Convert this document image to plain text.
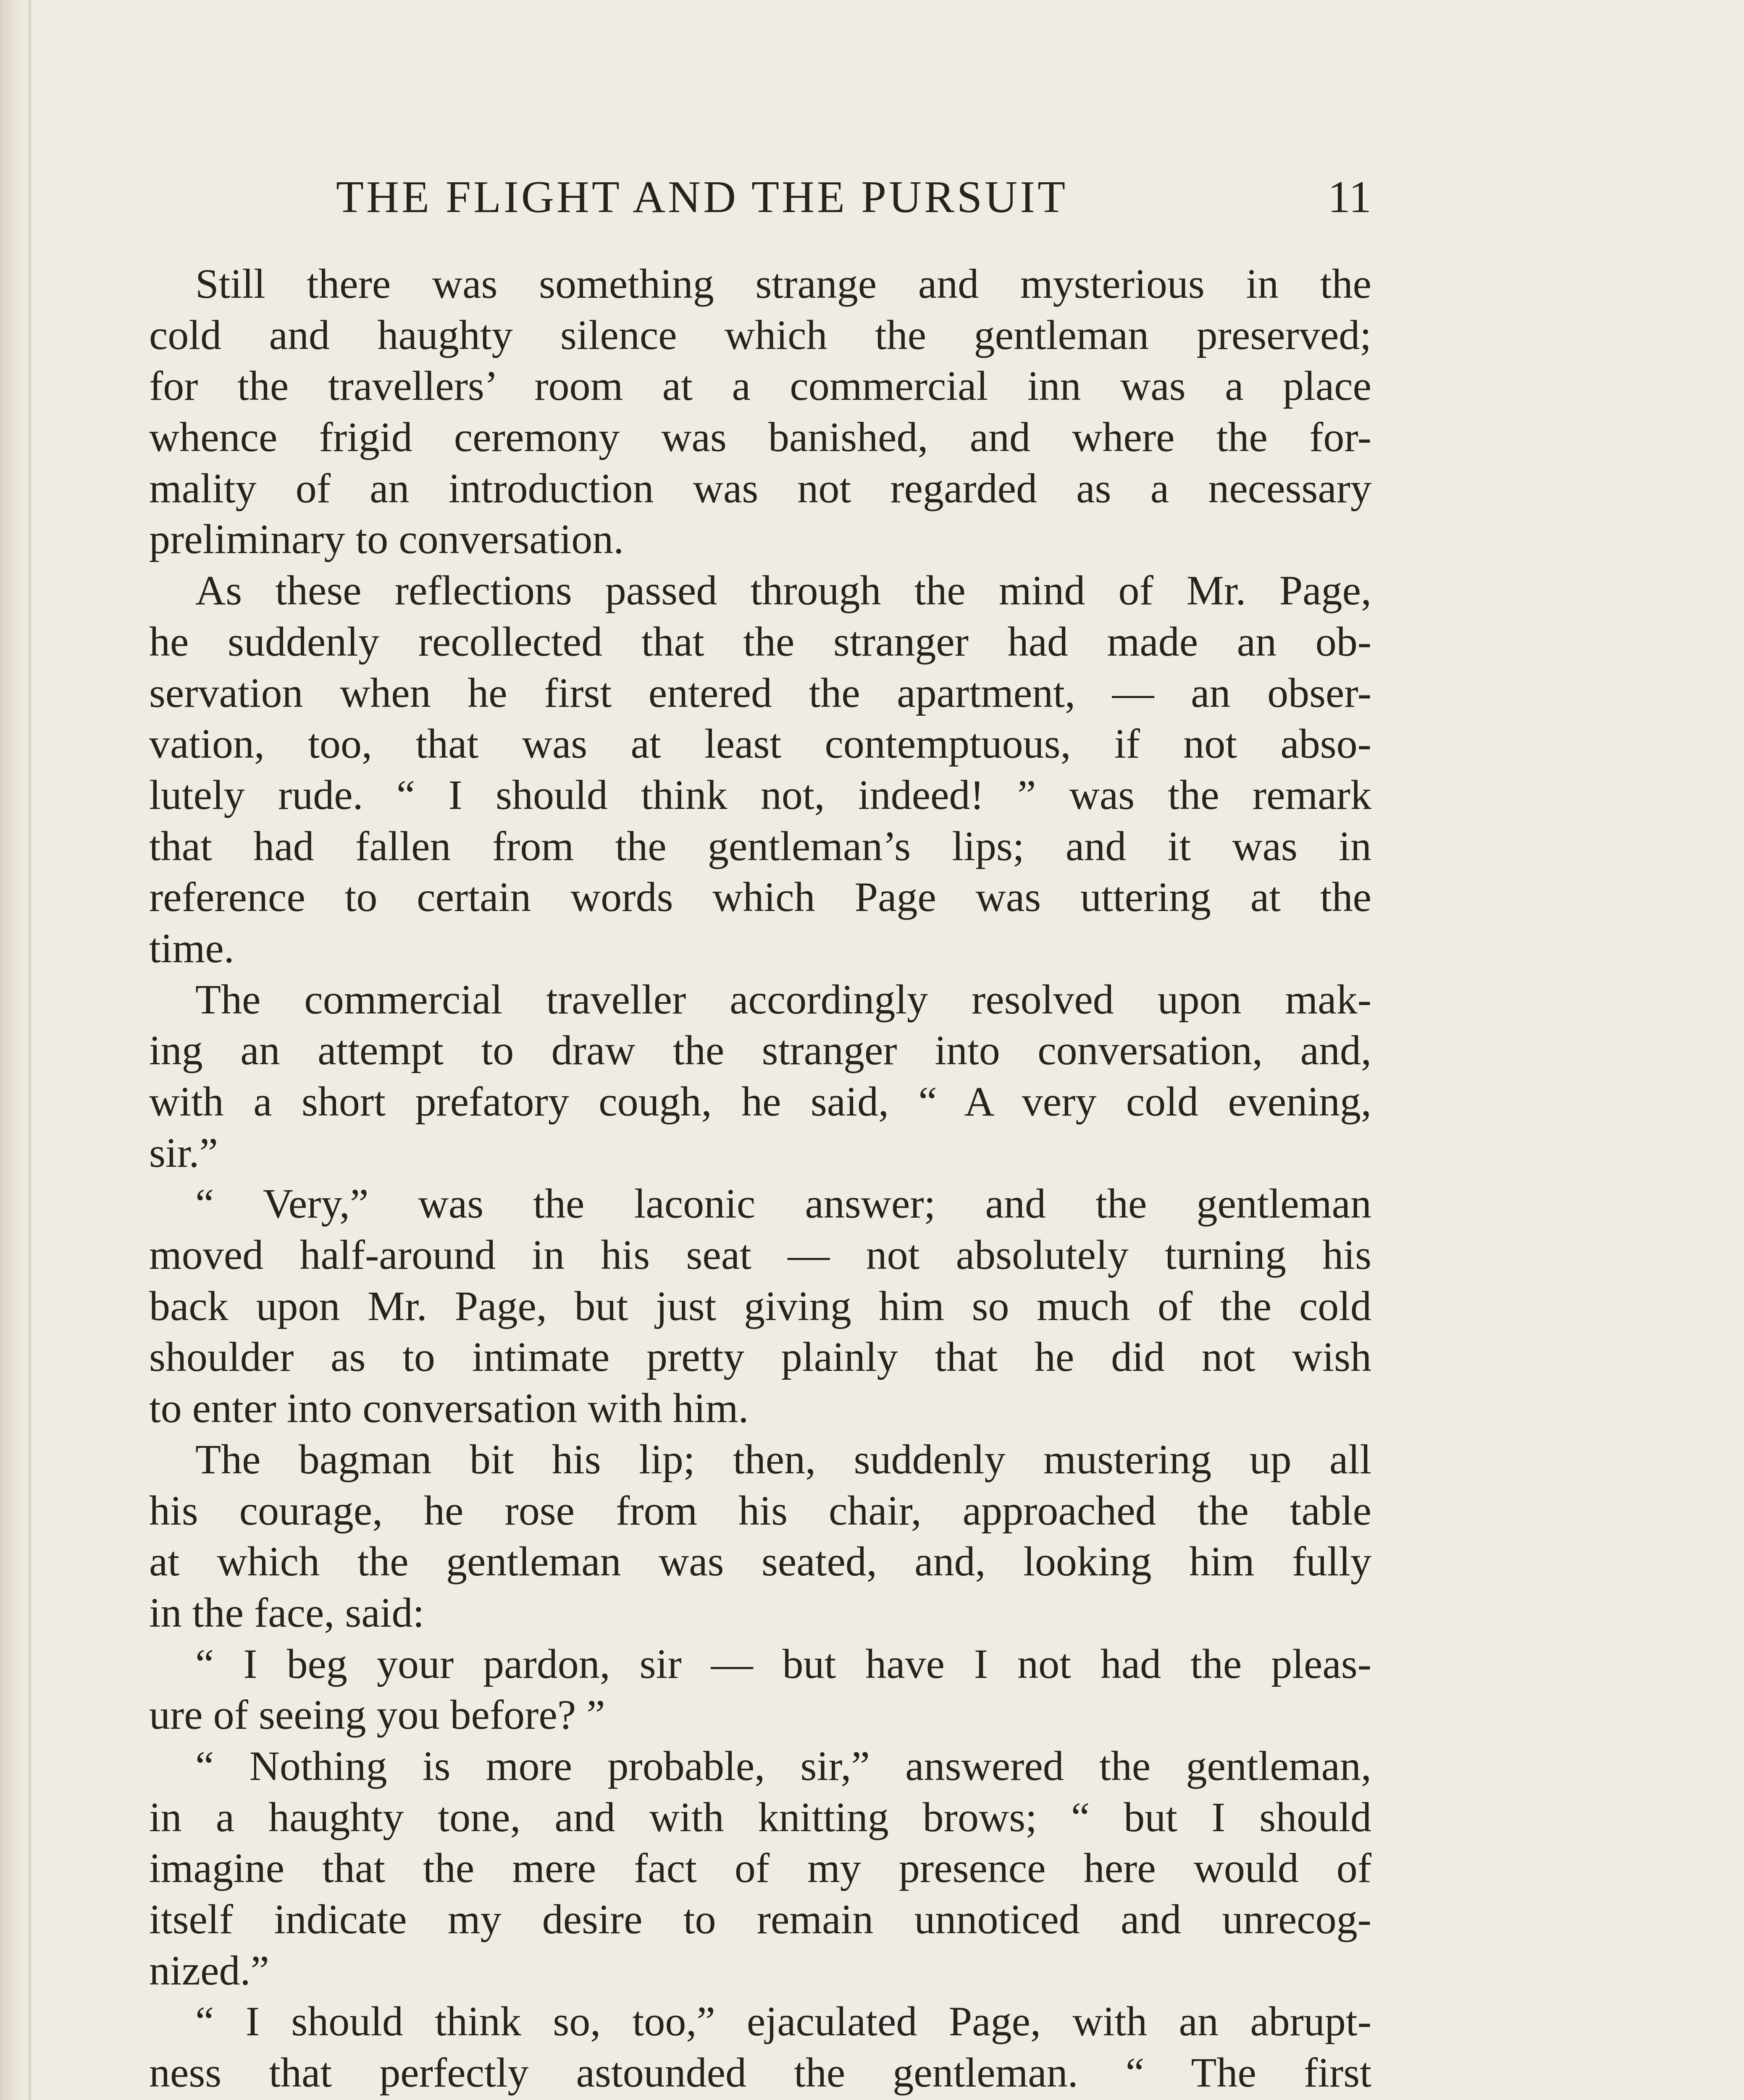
THE FLIGHT AND THE PURSUIT	11
Still there was something strange and mysterious in the
cold and haughty silence which the gentleman preserved;
for the travellers’ room at a commercial inn was a place
whence frigid ceremony was banished, and where the for-
mality of an introduction was not regarded as a necessary
preliminary to conversation.
As these reflections passed through the mind of Mr. Page,
he suddenly recollected that the stranger had made an ob-
servation when he first entered the apartment, — an obser-
vation, too, that was at least contemptuous, if not abso-
lutely rude. “ I should think not, indeed! ” was the remark
that had fallen from the gentleman’s lips; and it was in
reference to certain words which Page was uttering at the
time.
The commercial traveller accordingly resolved upon mak-
ing an attempt to draw the stranger into conversation, and,
with a short prefatory cough, he said, “ A very cold evening,
sir.”
“ Very,” was the laconic answer; and the gentleman
moved half-around in his seat — not absolutely turning his
back upon Mr. Page, but just giving him so much of the cold
shoulder as to intimate pretty plainly that he did not wish
to enter into conversation with him.
The bagman bit his lip; then, suddenly mustering up all
his courage, he rose from his chair, approached the table
at which the gentleman was seated, and, looking him fully
in the face, said:
“ I beg your pardon, sir — but have I not had the pleas-
ure of seeing you before? ”
“ Nothing is more probable, sir,” answered the gentleman,
in a haughty tone, and with knitting brows; “ but I should
imagine that the mere fact of my presence here would of
itself indicate my desire to remain unnoticed and unrecog-
nized.”
“ I should think so, too,” ejaculated Page, with an abrupt-
ness that perfectly astounded the gentleman. “ The first
